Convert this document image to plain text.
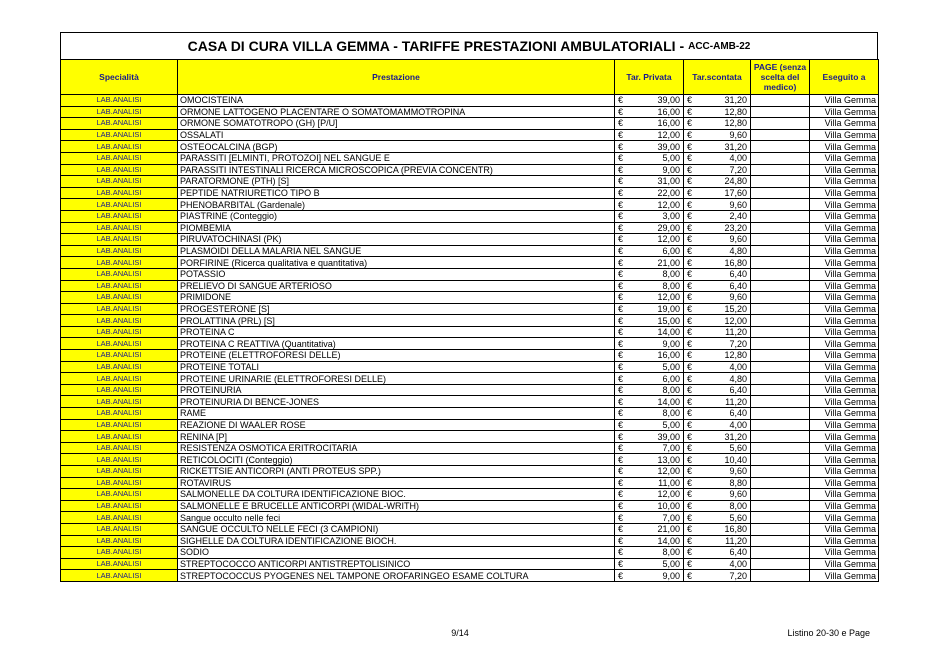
CASA DI CURA VILLA GEMMA - TARIFFE PRESTAZIONI AMBULATORIALI - ACC-AMB-22
Specialità	Prestazione	Tar. Privata	Tar.scontata	PAGE (senza scelta del medico)	Eseguito a
LAB.ANALISI	OMOCISTEINA	€ 39,00	€ 31,20		Villa Gemma
LAB.ANALISI	ORMONE LATTOGENO PLACENTARE O SOMATOMAMMOTROPINA	€ 16,00	€ 12,80		Villa Gemma
LAB.ANALISI	ORMONE SOMATOTROPO (GH) [P/U]	€ 16,00	€ 12,80		Villa Gemma
LAB.ANALISI	OSSALATI	€ 12,00	€ 9,60		Villa Gemma
LAB.ANALISI	OSTEOCALCINA (BGP)	€ 39,00	€ 31,20		Villa Gemma
LAB.ANALISI	PARASSITI [ELMINTI, PROTOZOI] NEL SANGUE E	€ 5,00	€ 4,00		Villa Gemma
LAB.ANALISI	PARASSITI INTESTINALI RICERCA MICROSCOPICA (PREVIA CONCENTR)	€ 9,00	€ 7,20		Villa Gemma
LAB.ANALISI	PARATORMONE (PTH) [S]	€ 31,00	€ 24,80		Villa Gemma
LAB.ANALISI	PEPTIDE NATRIURETICO TIPO B	€ 22,00	€ 17,60		Villa Gemma
LAB.ANALISI	PHENOBARBITAL (Gardenale)	€ 12,00	€ 9,60		Villa Gemma
LAB.ANALISI	PIASTRINE (Conteggio)	€ 3,00	€ 2,40		Villa Gemma
LAB.ANALISI	PIOMBEMIA	€ 29,00	€ 23,20		Villa Gemma
LAB.ANALISI	PIRUVATOCHINASI (PK)	€ 12,00	€ 9,60		Villa Gemma
LAB.ANALISI	PLASMOIDI DELLA MALARIA NEL SANGUE	€ 6,00	€ 4,80		Villa Gemma
LAB.ANALISI	PORFIRINE (Ricerca qualitativa e quantitativa)	€ 21,00	€ 16,80		Villa Gemma
LAB.ANALISI	POTASSIO	€ 8,00	€ 6,40		Villa Gemma
LAB.ANALISI	PRELIEVO DI SANGUE ARTERIOSO	€ 8,00	€ 6,40		Villa Gemma
LAB.ANALISI	PRIMIDONE	€ 12,00	€ 9,60		Villa Gemma
LAB.ANALISI	PROGESTERONE [S]	€ 19,00	€ 15,20		Villa Gemma
LAB.ANALISI	PROLATTINA (PRL) [S]	€ 15,00	€ 12,00		Villa Gemma
LAB.ANALISI	PROTEINA C	€ 14,00	€ 11,20		Villa Gemma
LAB.ANALISI	PROTEINA C REATTIVA (Quantitativa)	€ 9,00	€ 7,20		Villa Gemma
LAB.ANALISI	PROTEINE (ELETTROFORESI DELLE)	€ 16,00	€ 12,80		Villa Gemma
LAB.ANALISI	PROTEINE TOTALI	€ 5,00	€ 4,00		Villa Gemma
LAB.ANALISI	PROTEINE URINARIE (ELETTROFORESI DELLE)	€ 6,00	€ 4,80		Villa Gemma
LAB.ANALISI	PROTEINURIA	€ 8,00	€ 6,40		Villa Gemma
LAB.ANALISI	PROTEINURIA DI BENCE-JONES	€ 14,00	€ 11,20		Villa Gemma
LAB.ANALISI	RAME	€ 8,00	€ 6,40		Villa Gemma
LAB.ANALISI	REAZIONE DI WAALER ROSE	€ 5,00	€ 4,00		Villa Gemma
LAB.ANALISI	RENINA [P]	€ 39,00	€ 31,20		Villa Gemma
LAB.ANALISI	RESISTENZA OSMOTICA ERITROCITARIA	€ 7,00	€ 5,60		Villa Gemma
LAB.ANALISI	RETICOLOCITI (Conteggio)	€ 13,00	€ 10,40		Villa Gemma
LAB.ANALISI	RICKETTSIE ANTICORPI (ANTI PROTEUS SPP.)	€ 12,00	€ 9,60		Villa Gemma
LAB.ANALISI	ROTAVIRUS	€ 11,00	€ 8,80		Villa Gemma
LAB.ANALISI	SALMONELLE DA COLTURA IDENTIFICAZIONE BIOC.	€ 12,00	€ 9,60		Villa Gemma
LAB.ANALISI	SALMONELLE E BRUCELLE ANTICORPI (WIDAL-WRITH)	€ 10,00	€ 8,00		Villa Gemma
LAB.ANALISI	Sangue occulto nelle feci	€ 7,00	€ 5,60		Villa Gemma
LAB.ANALISI	SANGUE OCCULTO NELLE FECI (3 CAMPIONI)	€ 21,00	€ 16,80		Villa Gemma
LAB.ANALISI	SIGHELLE DA COLTURA IDENTIFICAZIONE BIOCH.	€ 14,00	€ 11,20		Villa Gemma
LAB.ANALISI	SODIO	€ 8,00	€ 6,40		Villa Gemma
LAB.ANALISI	STREPTOCOCCO ANTICORPI ANTISTREPTOLISINICO	€ 5,00	€ 4,00		Villa Gemma
LAB.ANALISI	STREPTOCOCCUS PYOGENES NEL TAMPONE OROFARINGEO ESAME COLTURA	€ 9,00	€ 7,20		Villa Gemma
9/14	Listino 20-30 e Page
